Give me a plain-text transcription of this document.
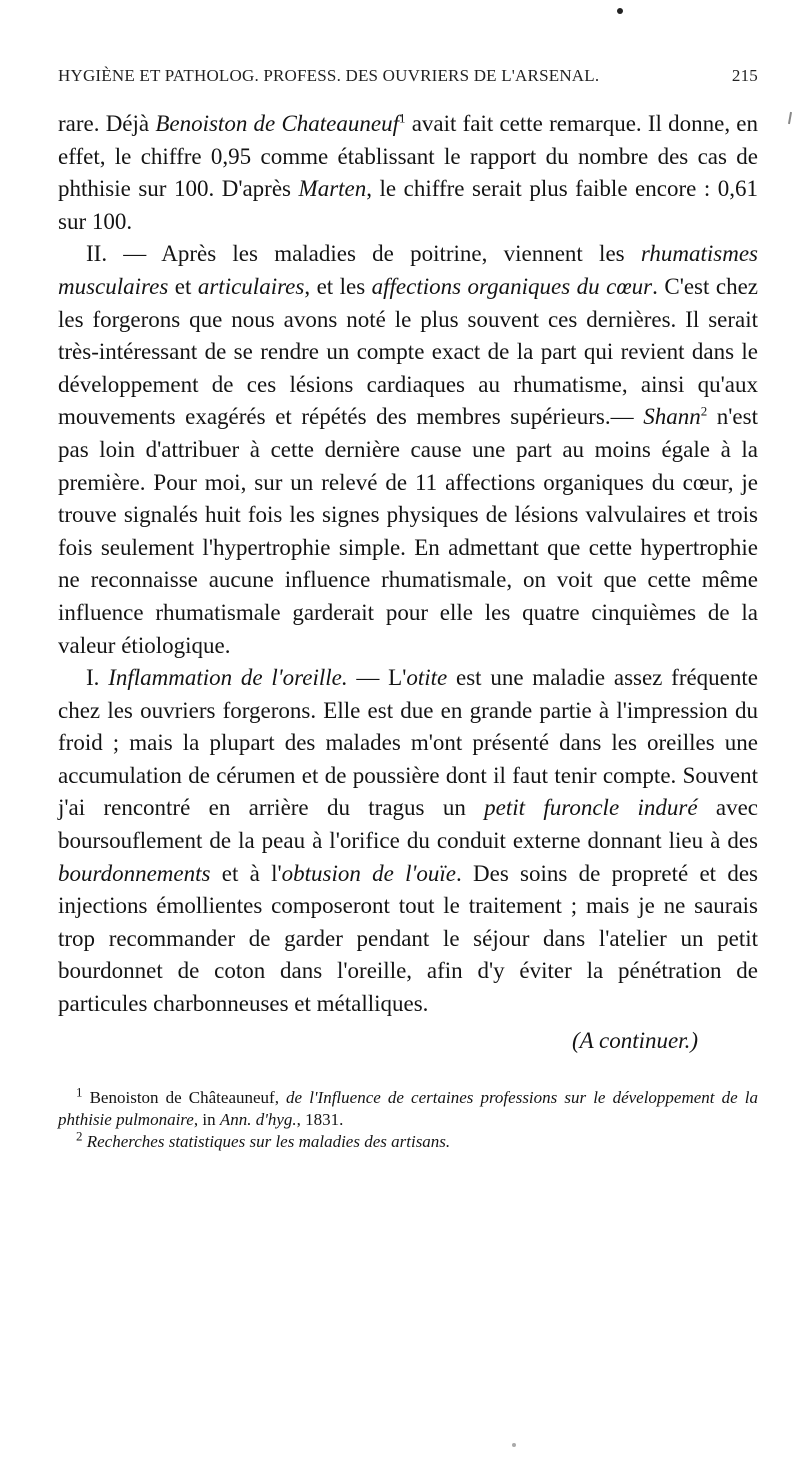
HYGIÈNE ET PATHOLOG. PROFESS. DES OUVRIERS DE L'ARSENAL.	215

rare. Déjà Benoiston de Chateauneuf$^1$ avait fait cette remarque. Il donne, en effet, le chiffre 0,95 comme établissant le rapport du nombre des cas de phthisie sur 100. D'après Marten, le chiffre serait plus faible encore : 0,61 sur 100.

II. — Après les maladies de poitrine, viennent les rhumatismes musculaires et articulaires, et les affections organiques du cœur. C'est chez les forgerons que nous avons noté le plus souvent ces dernières. Il serait très-intéressant de se rendre un compte exact de la part qui revient dans le développement de ces lésions cardiaques au rhumatisme, ainsi qu'aux mouvements exagérés et répétés des membres supérieurs.— Shann$^2$ n'est pas loin d'attribuer à cette dernière cause une part au moins égale à la première. Pour moi, sur un relevé de 11 affections organiques du cœur, je trouve signalés huit fois les signes physiques de lésions valvulaires et trois fois seulement l'hypertrophie simple. En admettant que cette hypertrophie ne reconnaisse aucune influence rhumatismale, on voit que cette même influence rhumatismale garderait pour elle les quatre cinquièmes de la valeur étiologique.

I. Inflammation de l'oreille. — L'otite est une maladie assez fréquente chez les ouvriers forgerons. Elle est due en grande partie à l'impression du froid ; mais la plupart des malades m'ont présenté dans les oreilles une accumulation de cérumen et de poussière dont il faut tenir compte. Souvent j'ai rencontré en arrière du tragus un petit furoncle induré avec boursouflement de la peau à l'orifice du conduit externe donnant lieu à des bourdonnements et à l'obtusion de l'ouïe. Des soins de propreté et des injections émollientes composeront tout le traitement ; mais je ne saurais trop recommander de garder pendant le séjour dans l'atelier un petit bourdonnet de coton dans l'oreille, afin d'y éviter la pénétration de particules charbonneuses et métalliques.

(A continuer.)

$^1$ Benoiston de Châteauneuf, de l'Influence de certaines professions sur le développement de la phthisie pulmonaire, in Ann. d'hyg., 1831.

$^2$ Recherches statistiques sur les maladies des artisans.
